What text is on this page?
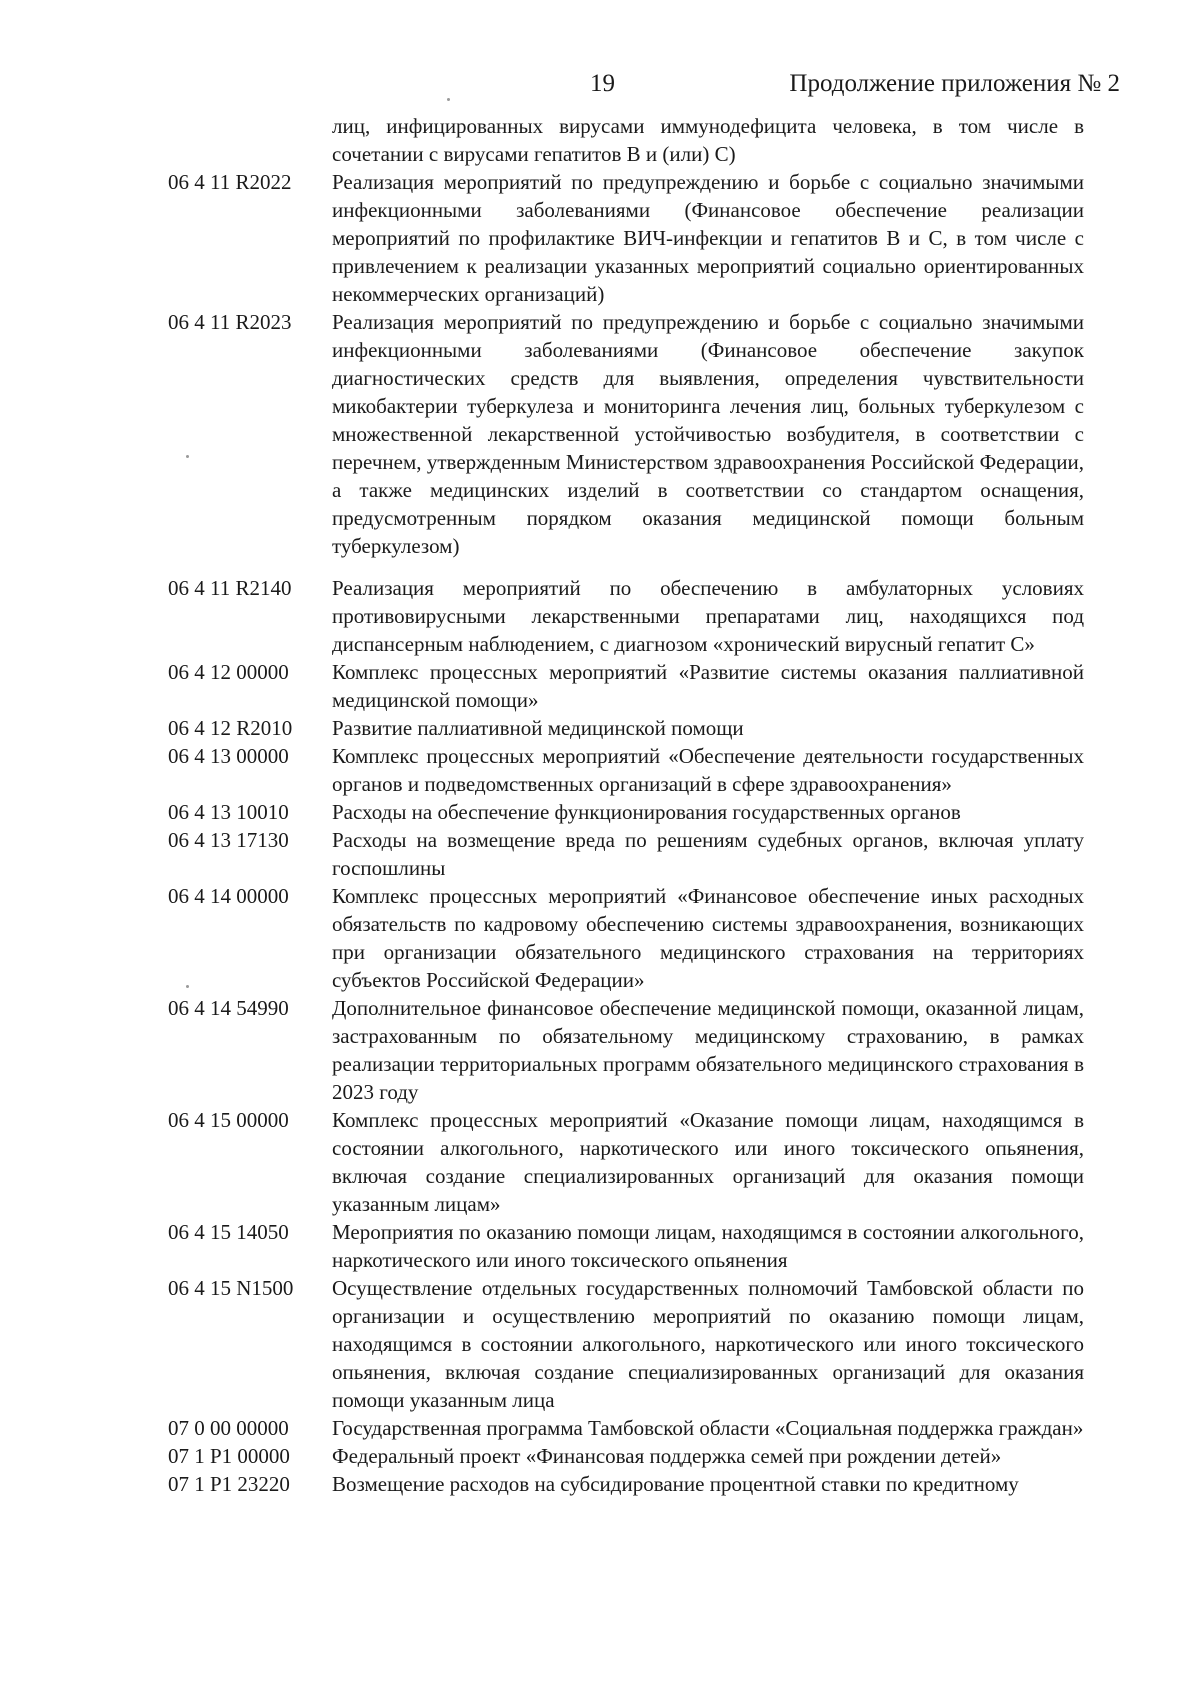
19	Продолжение приложения № 2
лиц, инфицированных вирусами иммунодефицита человека, в том числе в сочетании с вирусами гепатитов В и (или) С)
06 4 11 R2022	Реализация мероприятий по предупреждению и борьбе с социально значимыми инфекционными заболеваниями (Финансовое обеспечение реализации мероприятий по профилактике ВИЧ-инфекции и гепатитов В и С, в том числе с привлечением к реализации указанных мероприятий социально ориентированных некоммерческих организаций)
06 4 11 R2023	Реализация мероприятий по предупреждению и борьбе с социально значимыми инфекционными заболеваниями (Финансовое обеспечение закупок диагностических средств для выявления, определения чувствительности микобактерии туберкулеза и мониторинга лечения лиц, больных туберкулезом с множественной лекарственной устойчивостью возбудителя, в соответствии с перечнем, утвержденным Министерством здравоохранения Российской Федерации, а также медицинских изделий в соответствии со стандартом оснащения, предусмотренным порядком оказания медицинской помощи больным туберкулезом)
06 4 11 R2140	Реализация мероприятий по обеспечению в амбулаторных условиях противовирусными лекарственными препаратами лиц, находящихся под диспансерным наблюдением, с диагнозом «хронический вирусный гепатит С»
06 4 12 00000	Комплекс процессных мероприятий «Развитие системы оказания паллиативной медицинской помощи»
06 4 12 R2010	Развитие паллиативной медицинской помощи
06 4 13 00000	Комплекс процессных мероприятий «Обеспечение деятельности государственных органов и подведомственных организаций в сфере здравоохранения»
06 4 13 10010	Расходы на обеспечение функционирования государственных органов
06 4 13 17130	Расходы на возмещение вреда по решениям судебных органов, включая уплату госпошлины
06 4 14 00000	Комплекс процессных мероприятий «Финансовое обеспечение иных расходных обязательств по кадровому обеспечению системы здравоохранения, возникающих при организации обязательного медицинского страхования на территориях субъектов Российской Федерации»
06 4 14 54990	Дополнительное финансовое обеспечение медицинской помощи, оказанной лицам, застрахованным по обязательному медицинскому страхованию, в рамках реализации территориальных программ обязательного медицинского страхования в 2023 году
06 4 15 00000	Комплекс процессных мероприятий «Оказание помощи лицам, находящимся в состоянии алкогольного, наркотического или иного токсического опьянения, включая создание специализированных организаций для оказания помощи указанным лицам»
06 4 15 14050	Мероприятия по оказанию помощи лицам, находящимся в состоянии алкогольного, наркотического или иного токсического опьянения
06 4 15 N1500	Осуществление отдельных государственных полномочий Тамбовской области по организации и осуществлению мероприятий по оказанию помощи лицам, находящимся в состоянии алкогольного, наркотического или иного токсического опьянения, включая создание специализированных организаций для оказания помощи указанным лица
07 0 00 00000	Государственная программа Тамбовской области «Социальная поддержка граждан»
07 1 P1 00000	Федеральный проект «Финансовая поддержка семей при рождении детей»
07 1 P1 23220	Возмещение расходов на субсидирование процентной ставки по кредитному
